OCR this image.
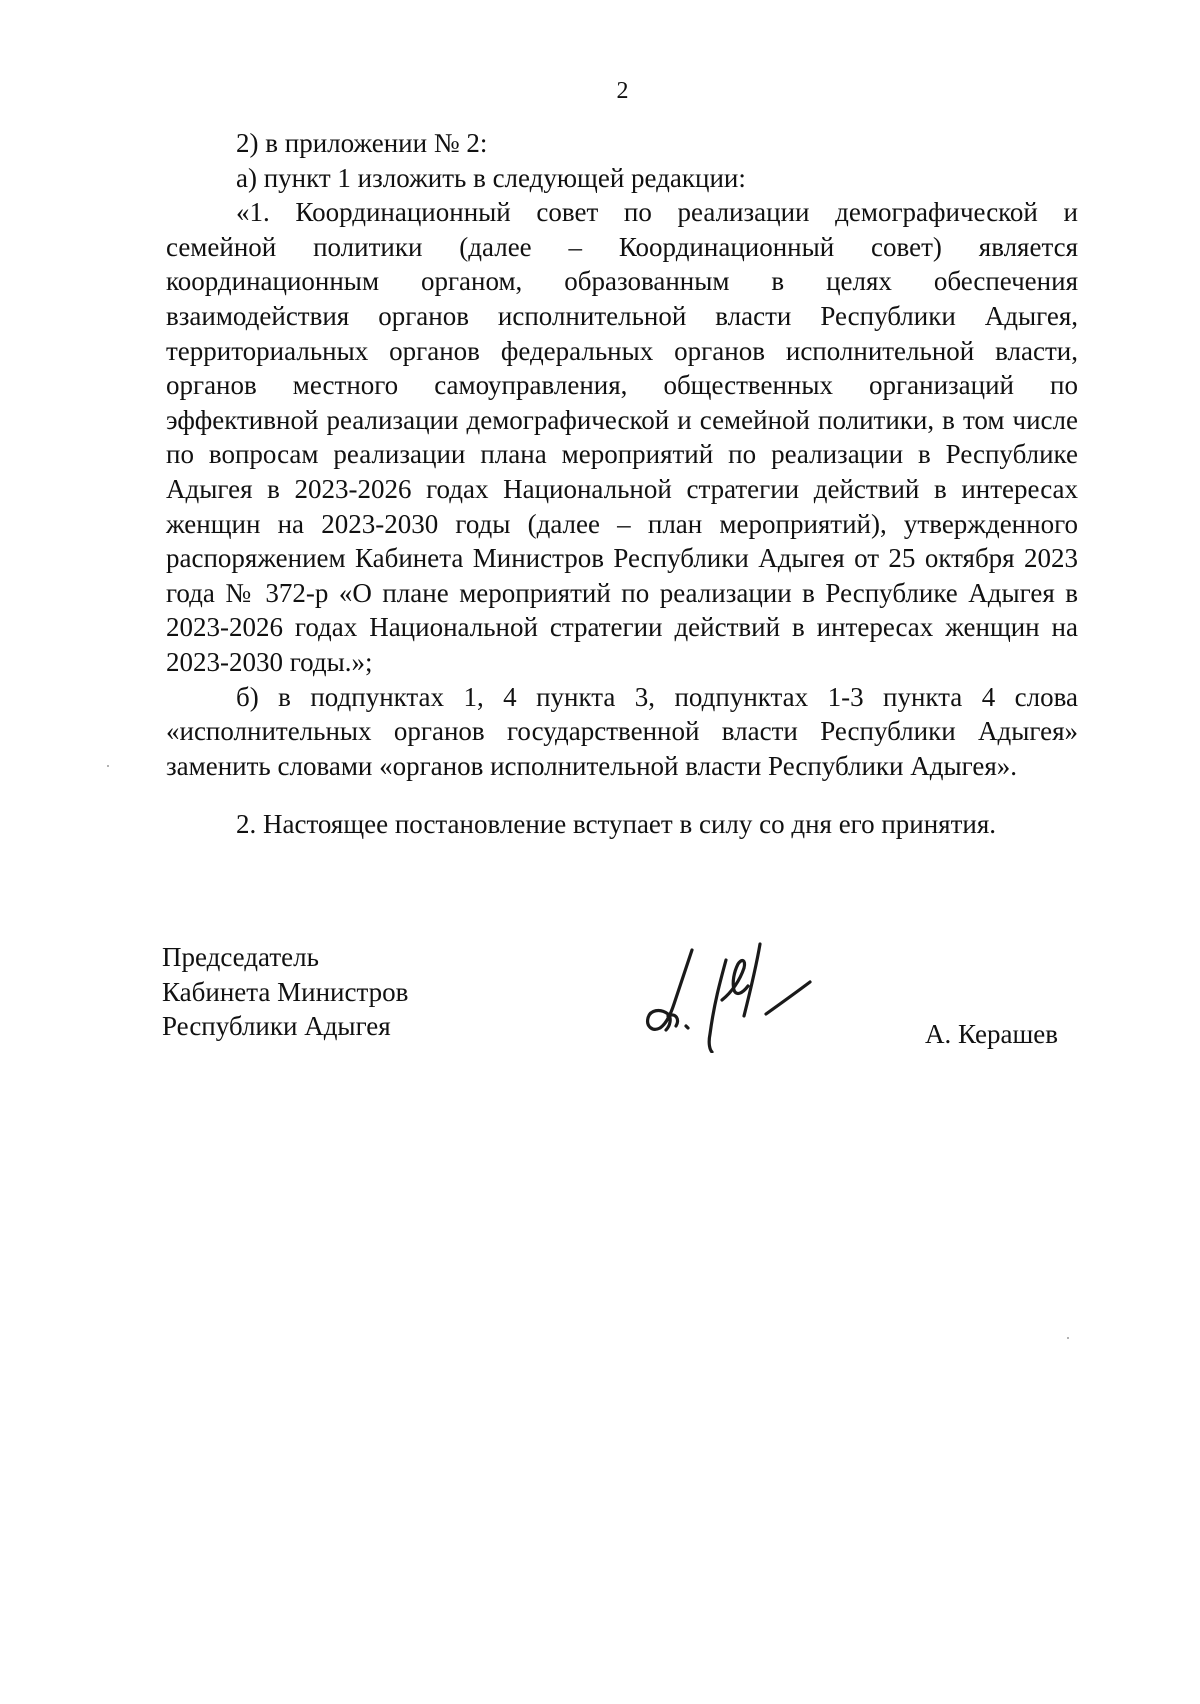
2

2) в приложении № 2:

а) пункт 1 изложить в следующей редакции:

«1. Координационный совет по реализации демографической и семейной политики (далее – Координационный совет) является координационным органом, образованным в целях обеспечения взаимодействия органов исполнительной власти Республики Адыгея, территориальных органов федеральных органов исполнительной власти, органов местного самоуправления, общественных организаций по эффективной реализации демографической и семейной политики, в том числе по вопросам реализации плана мероприятий по реализации в Республике Адыгея в 2023-2026 годах Национальной стратегии действий в интересах женщин на 2023-2030 годы (далее – план мероприятий), утвержденного распоряжением Кабинета Министров Республики Адыгея от 25 октября 2023 года № 372-р «О плане мероприятий по реализации в Республике Адыгея в 2023-2026 годах Национальной стратегии действий в интересах женщин на 2023-2030 годы.»;

б) в подпунктах 1, 4 пункта 3, подпунктах 1-3 пункта 4 слова «исполнительных органов государственной власти Республики Адыгея» заменить словами «органов исполнительной власти Республики Адыгея».

2. Настоящее постановление вступает в силу со дня его принятия.

Председатель
Кабинета Министров
Республики Адыгея	А. Керашев
